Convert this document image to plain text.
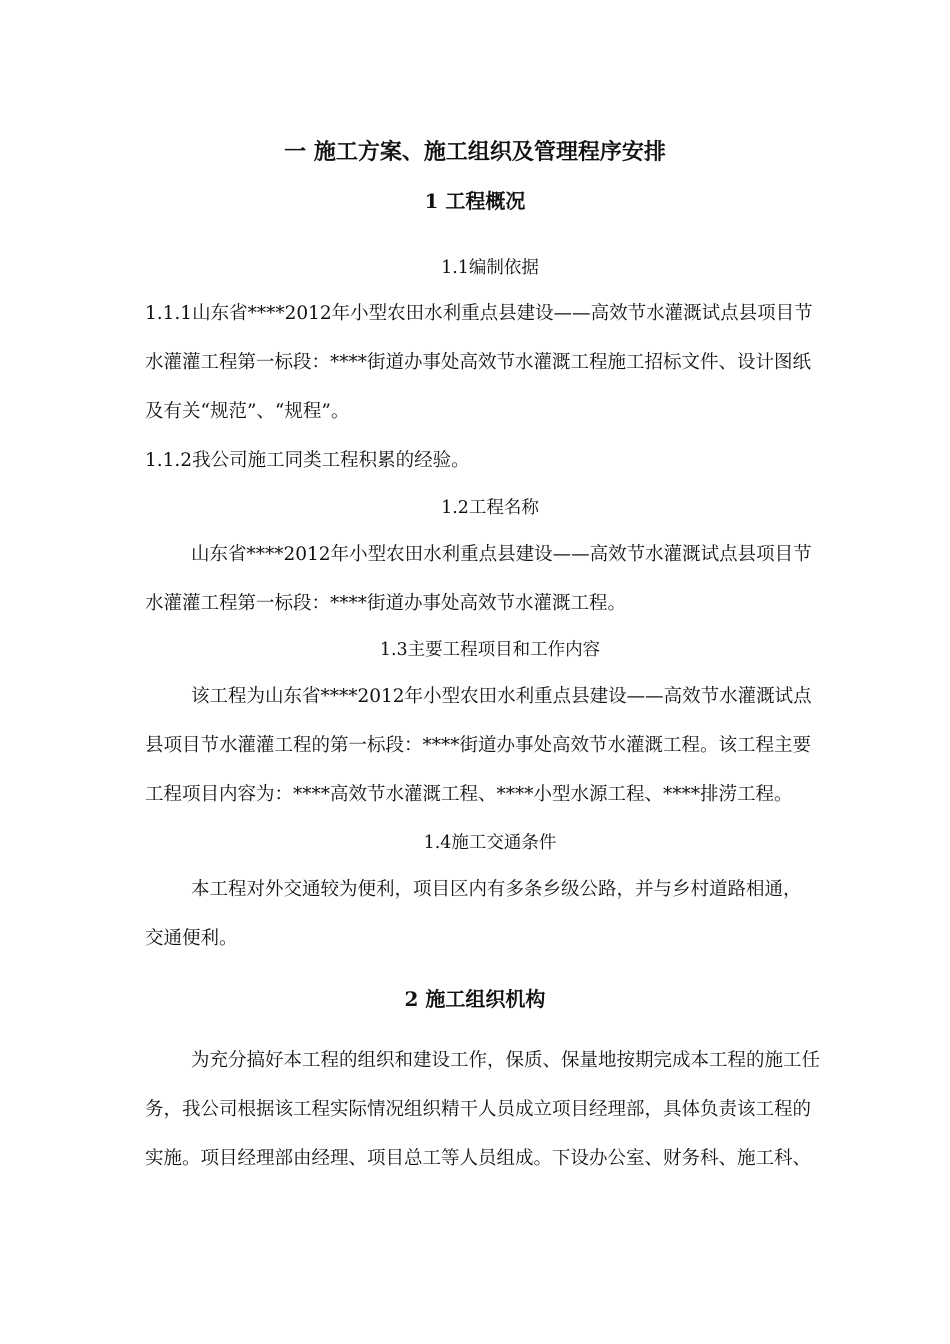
一 施工方案、施工组织及管理程序安排
1 工程概况
1.1编制依据
1.1.1山东省****2012年小型农田水利重点县建设——高效节水灌溉试点县项目节
水灌灌工程第一标段：****街道办事处高效节水灌溉工程施工招标文件、设计图纸
及有关“规范”、“规程”。
1.1.2我公司施工同类工程积累的经验。
1.2工程名称
山东省****2012年小型农田水利重点县建设——高效节水灌溉试点县项目节
水灌灌工程第一标段：****街道办事处高效节水灌溉工程。
1.3主要工程项目和工作内容
该工程为山东省****2012年小型农田水利重点县建设——高效节水灌溉试点
县项目节水灌灌工程的第一标段：****街道办事处高效节水灌溉工程。该工程主要
工程项目内容为：****高效节水灌溉工程、****小型水源工程、****排涝工程。
1.4施工交通条件
本工程对外交通较为便利，项目区内有多条乡级公路，并与乡村道路相通，
交通便利。
2 施工组织机构
为充分搞好本工程的组织和建设工作，保质、保量地按期完成本工程的施工任
务，我公司根据该工程实际情况组织精干人员成立项目经理部，具体负责该工程的
实施。项目经理部由经理、项目总工等人员组成。下设办公室、财务科、施工科、
